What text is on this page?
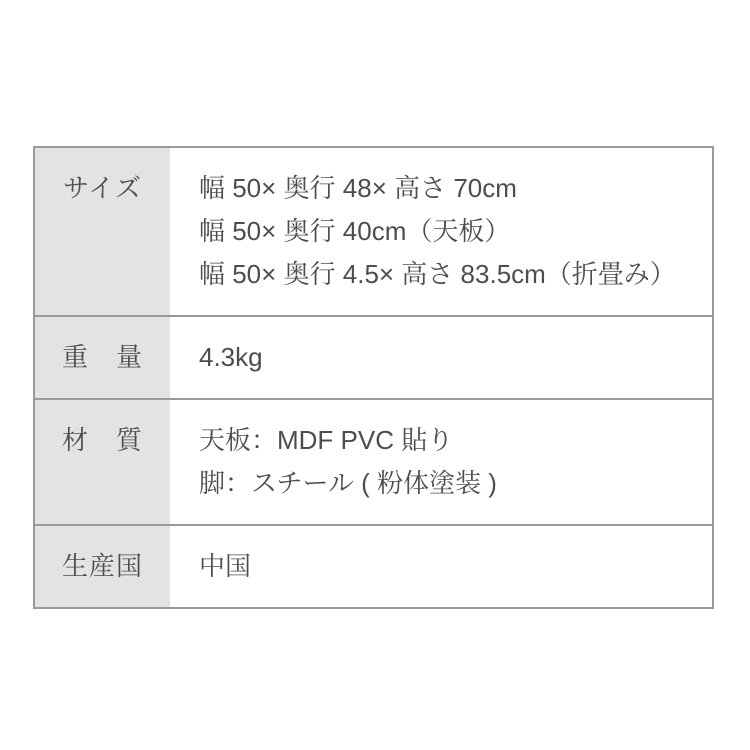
サイズ	幅 50× 奥行 48× 高さ 70cm
幅 50× 奥行 40cm（天板）
幅 50× 奥行 4.5× 高さ 83.5cm（折畳み）
重　量	4.3kg
材　質	天板：MDF PVC 貼り
脚：スチール ( 粉体塗装 )
生産国	中国
